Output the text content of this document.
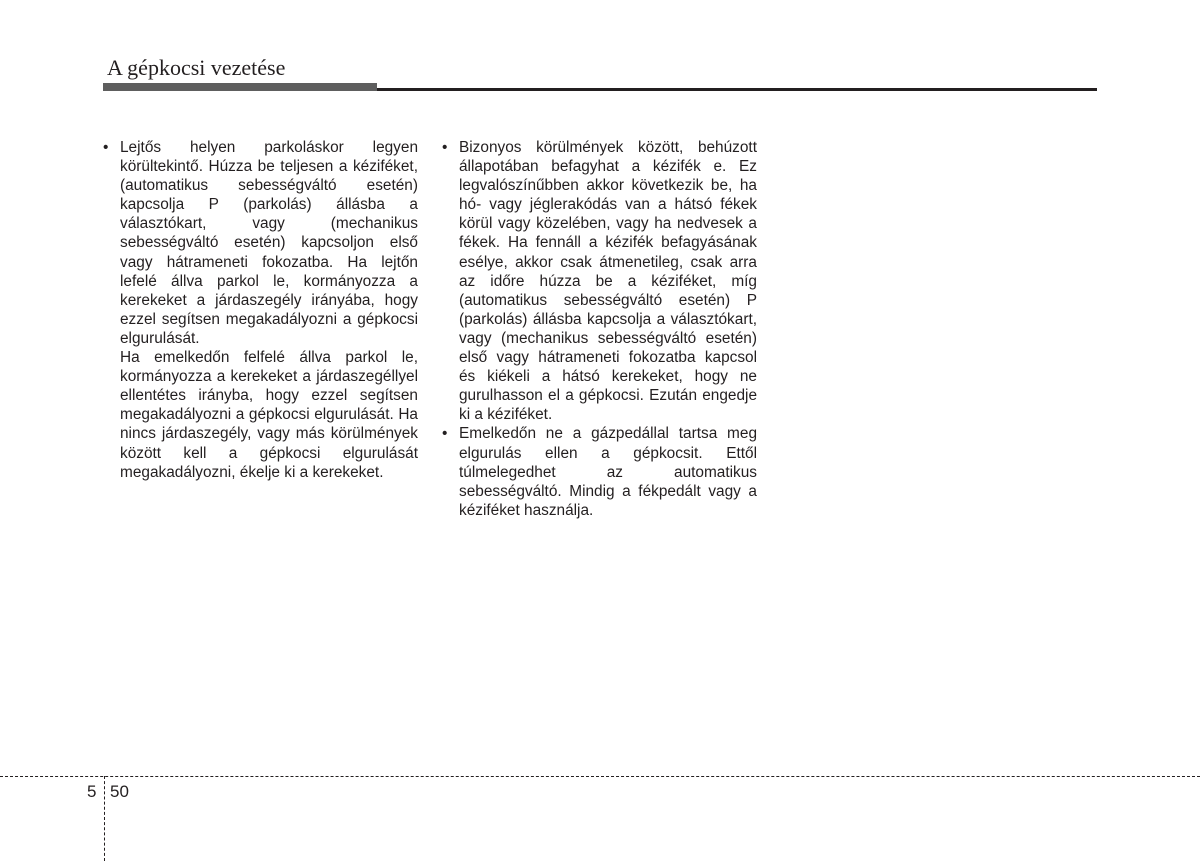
A gépkocsi vezetése
• Lejtős helyen parkoláskor legyen körültekintő. Húzza be teljesen a kéziféket, (automatikus sebességváltó esetén) kapcsolja P (parkolás) állásba a választókart, vagy (mechanikus sebességváltó esetén) kapcsoljon első vagy hátrameneti fokozatba. Ha lejtőn lefelé állva parkol le, kormányozza a kerekeket a járdaszegély irányába, hogy ezzel segítsen megakadályozni a gépkocsi elgurulását.
Ha emelkedőn felfelé állva parkol le, kormányozza a kerekeket a járdaszegéllyel ellentétes irányba, hogy ezzel segítsen megakadályozni a gépkocsi elgurulását. Ha nincs járdaszegély, vagy más körülmények között kell a gépkocsi elgurulását megakadályozni, ékelje ki a kerekeket.
• Bizonyos körülmények között, behúzott állapotában befagyhat a kézifék e. Ez legvalószínűbben akkor következik be, ha hó- vagy jéglerakódás van a hátsó fékek körül vagy közelében, vagy ha nedvesek a fékek. Ha fennáll a kézifék befagyásának esélye, akkor csak átmenetileg, csak arra az időre húzza be a kéziféket, míg (automatikus sebességváltó esetén) P (parkolás) állásba kapcsolja a választókart, vagy (mechanikus sebességváltó esetén) első vagy hátrameneti fokozatba kapcsol és kiékeli a hátsó kerekeket, hogy ne gurulhasson el a gépkocsi. Ezután engedje ki a kéziféket.
• Emelkedőn ne a gázpedállal tartsa meg elgurulás ellen a gépkocsit. Ettől túlmelegedhet az automatikus sebességváltó. Mindig a fékpedált vagy a kéziféket használja.
5 50
